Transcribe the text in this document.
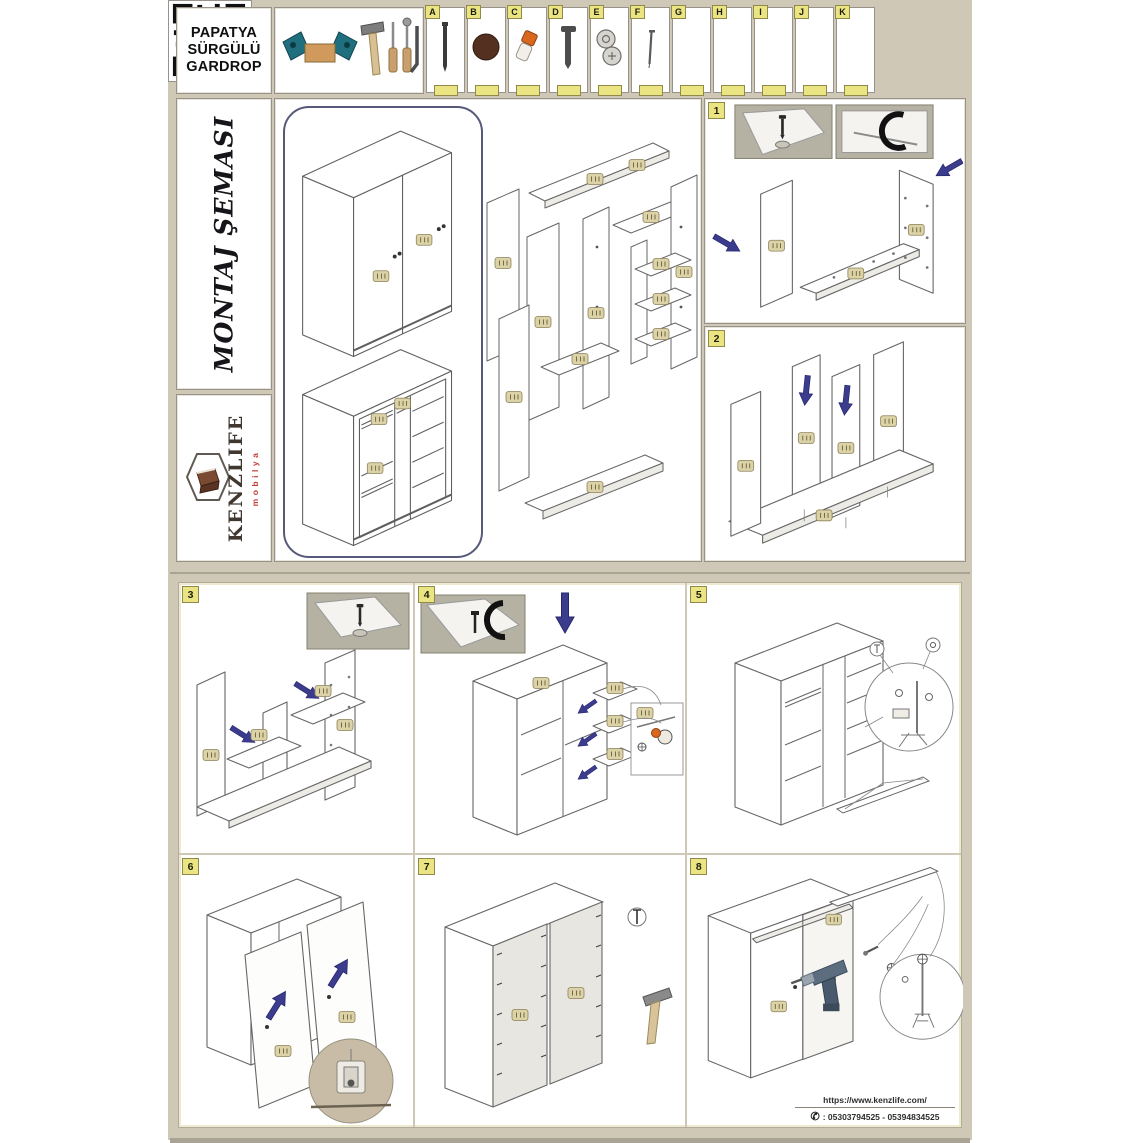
PAPATYA
SÜRGÜLÜ
GARDROP
A	B	C	D	E	F	G	H	I	J	K
MONTAJ ŞEMASI
KENZLIFE mobilya
1
2
3	4	5
6	7	8
https://www.kenzlife.com/
✆ : 05303794525 - 05394834525
